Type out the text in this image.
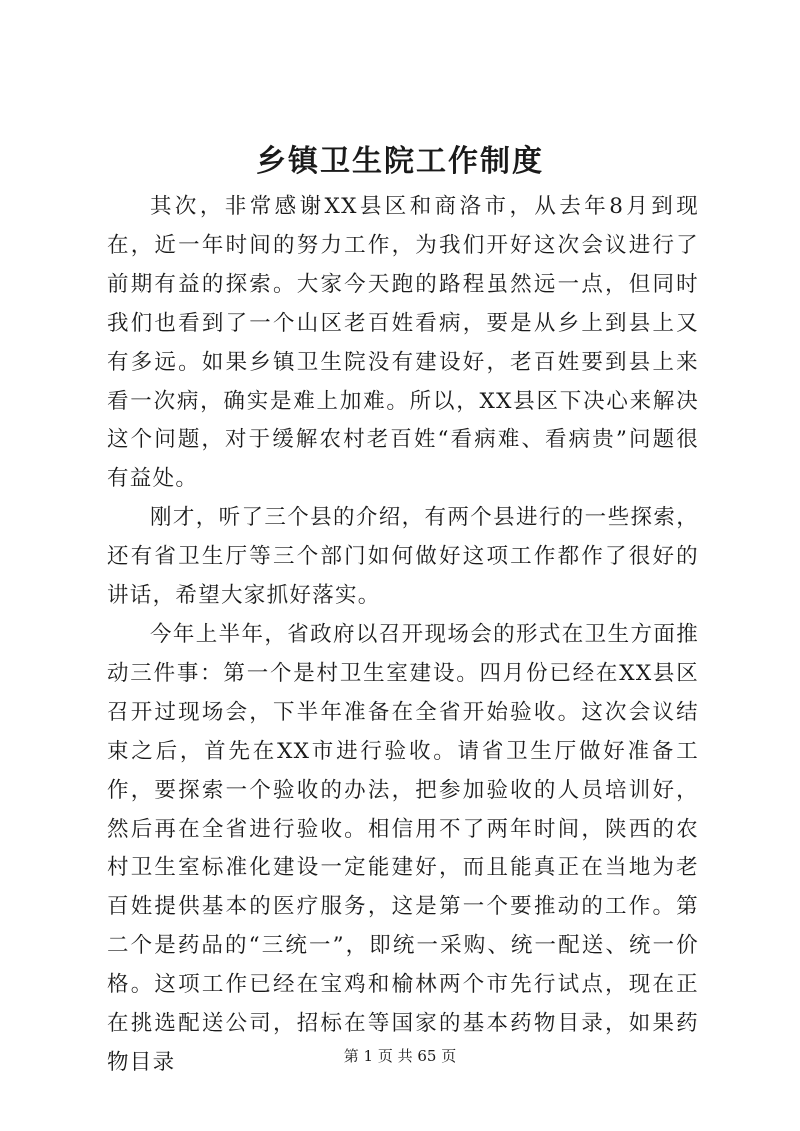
乡镇卫生院工作制度

其次，非常感谢XX县区和商洛市，从去年8月到现在，近一年时间的努力工作，为我们开好这次会议进行了前期有益的探索。大家今天跑的路程虽然远一点，但同时我们也看到了一个山区老百姓看病，要是从乡上到县上又有多远。如果乡镇卫生院没有建设好，老百姓要到县上来看一次病，确实是难上加难。所以，XX县区下决心来解决这个问题，对于缓解农村老百姓“看病难、看病贵”问题很有益处。

刚才，听了三个县的介绍，有两个县进行的一些探索，还有省卫生厅等三个部门如何做好这项工作都作了很好的讲话，希望大家抓好落实。

今年上半年，省政府以召开现场会的形式在卫生方面推动三件事：第一个是村卫生室建设。四月份已经在XX县区召开过现场会，下半年准备在全省开始验收。这次会议结束之后，首先在XX市进行验收。请省卫生厅做好准备工作，要探索一个验收的办法，把参加验收的人员培训好，然后再在全省进行验收。相信用不了两年时间，陕西的农村卫生室标准化建设一定能建好，而且能真正在当地为老百姓提供基本的医疗服务，这是第一个要推动的工作。第二个是药品的“三统一”，即统一采购、统一配送、统一价格。这项工作已经在宝鸡和榆林两个市先行试点，现在正在挑选配送公司，招标在等国家的基本药物目录，如果药物目录	第 1 页 共 65 页
